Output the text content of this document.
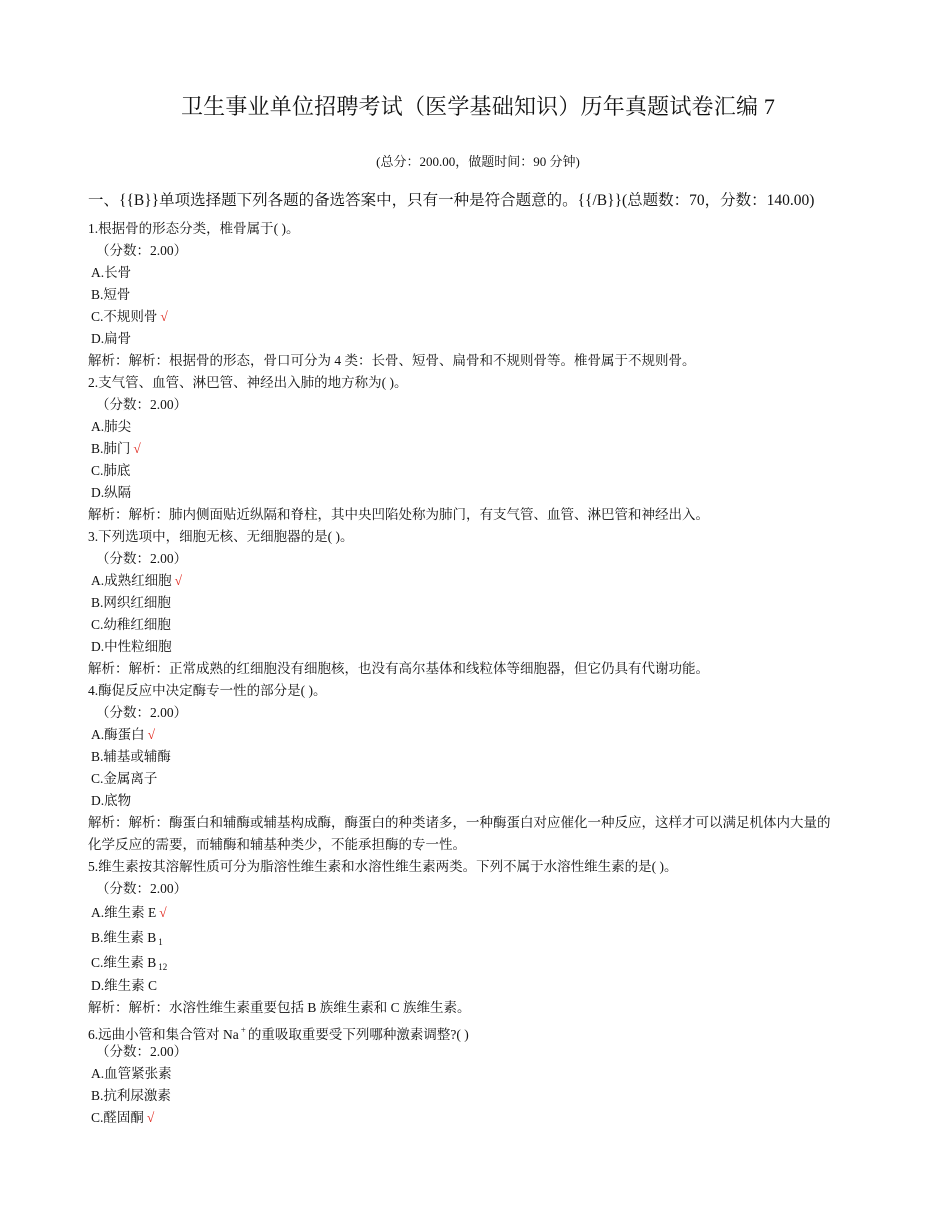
卫生事业单位招聘考试（医学基础知识）历年真题试卷汇编 7
(总分：200.00，做题时间：90 分钟)
一、{{B}}单项选择题下列各题的备选答案中，只有一种是符合题意的。{{/B}}(总题数：70，分数：140.00)
1.根据骨的形态分类，椎骨属于( )。
（分数：2.00）
A.长骨
B.短骨
C.不规则骨 √
D.扁骨
解析：解析：根据骨的形态，骨口可分为 4 类：长骨、短骨、扁骨和不规则骨等。椎骨属于不规则骨。
2.支气管、血管、淋巴管、神经出入肺的地方称为( )。
（分数：2.00）
A.肺尖
B.肺门 √
C.肺底
D.纵隔
解析：解析：肺内侧面贴近纵隔和脊柱，其中央凹陷处称为肺门，有支气管、血管、淋巴管和神经出入。
3.下列选项中，细胞无核、无细胞器的是( )。
（分数：2.00）
A.成熟红细胞 √
B.网织红细胞
C.幼稚红细胞
D.中性粒细胞
解析：解析：正常成熟的红细胞没有细胞核，也没有高尔基体和线粒体等细胞器，但它仍具有代谢功能。
4.酶促反应中决定酶专一性的部分是( )。
（分数：2.00）
A.酶蛋白 √
B.辅基或辅酶
C.金属离子
D.底物
解析：解析：酶蛋白和辅酶或辅基构成酶，酶蛋白的种类诸多，一种酶蛋白对应催化一种反应，这样才可以满足机体内大量的
化学反应的需要，而辅酶和辅基种类少，不能承担酶的专一性。
5.维生素按其溶解性质可分为脂溶性维生素和水溶性维生素两类。下列不属于水溶性维生素的是( )。
（分数：2.00）
A.维生素 E √
B.维生素 B $_1$
C.维生素 B $_{12}$
D.维生素 C
解析：解析：水溶性维生素重要包括 B 族维生素和 C 族维生素。
6.远曲小管和集合管对 Na + 的重吸取重要受下列哪种激素调整?( )
（分数：2.00）
A.血管紧张素
B.抗利尿激素
C.醛固酮 √
